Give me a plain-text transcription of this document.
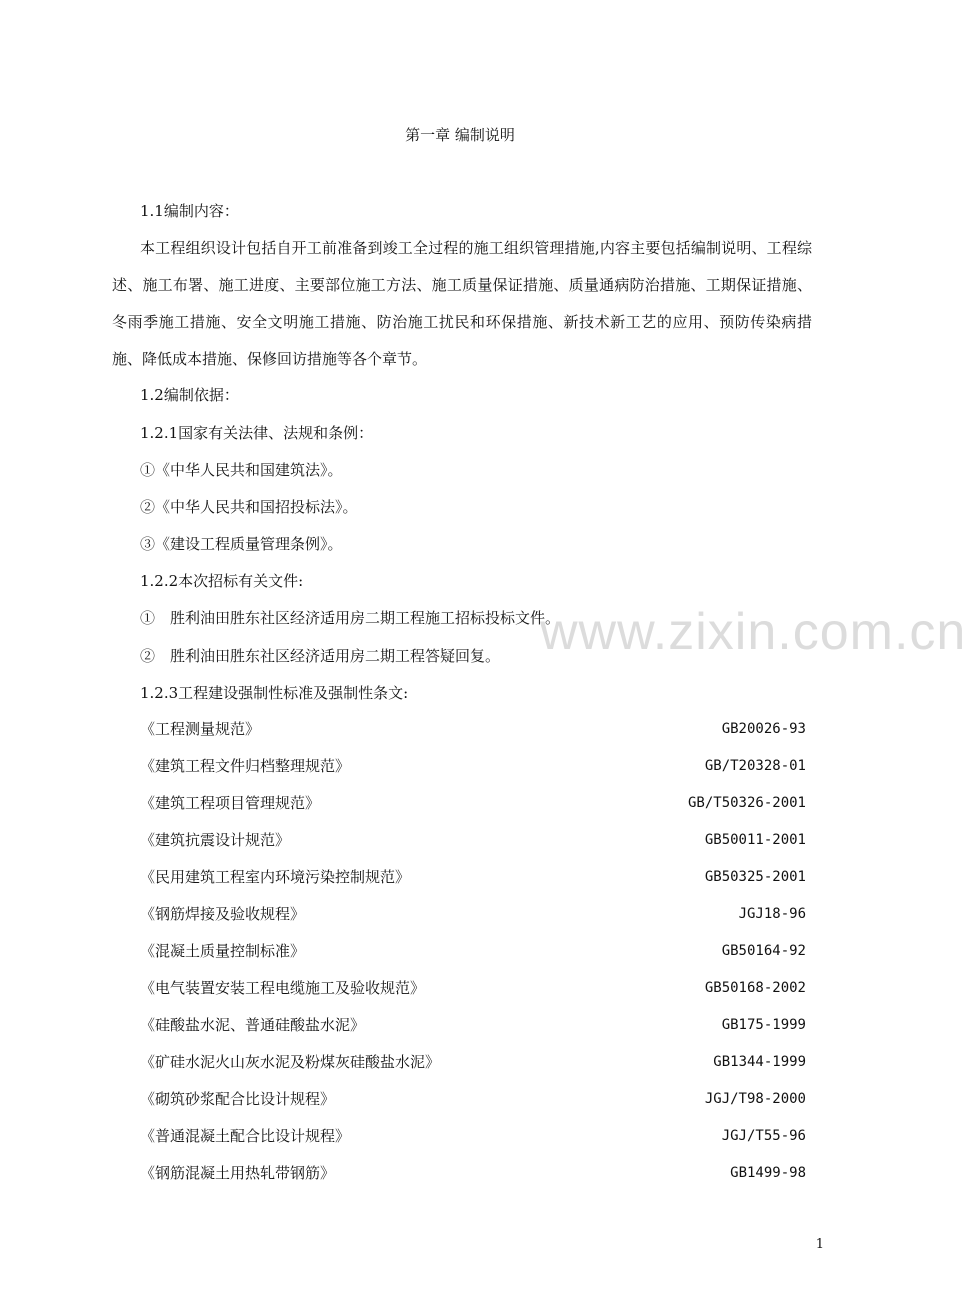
第一章 编制说明
1.1编制内容：
本工程组织设计包括自开工前准备到竣工全过程的施工组织管理措施,内容主要包括编制说明、工程综述、施工布署、施工进度、主要部位施工方法、施工质量保证措施、质量通病防治措施、工期保证措施、冬雨季施工措施、安全文明施工措施、防治施工扰民和环保措施、新技术新工艺的应用、预防传染病措施、降低成本措施、保修回访措施等各个章节。
1.2编制依据：
1.2.1国家有关法律、法规和条例：
①《中华人民共和国建筑法》。
②《中华人民共和国招投标法》。
③《建设工程质量管理条例》。
1.2.2本次招标有关文件:
①　胜利油田胜东社区经济适用房二期工程施工招标投标文件。
②　胜利油田胜东社区经济适用房二期工程答疑回复。
1.2.3工程建设强制性标准及强制性条文:
《工程测量规范》	GB20026-93
《建筑工程文件归档整理规范》	GB/T20328-01
《建筑工程项目管理规范》	GB/T50326-2001
《建筑抗震设计规范》	GB50011-2001
《民用建筑工程室内环境污染控制规范》	GB50325-2001
《钢筋焊接及验收规程》	JGJ18-96
《混凝土质量控制标准》	GB50164-92
《电气装置安装工程电缆施工及验收规范》	GB50168-2002
《硅酸盐水泥、普通硅酸盐水泥》	GB175-1999
《矿硅水泥火山灰水泥及粉煤灰硅酸盐水泥》	GB1344-1999
《砌筑砂浆配合比设计规程》	JGJ/T98-2000
《普通混凝土配合比设计规程》	JGJ/T55-96
《钢筋混凝土用热轧带钢筋》	GB1499-98
www.zixin.com.cn
1
